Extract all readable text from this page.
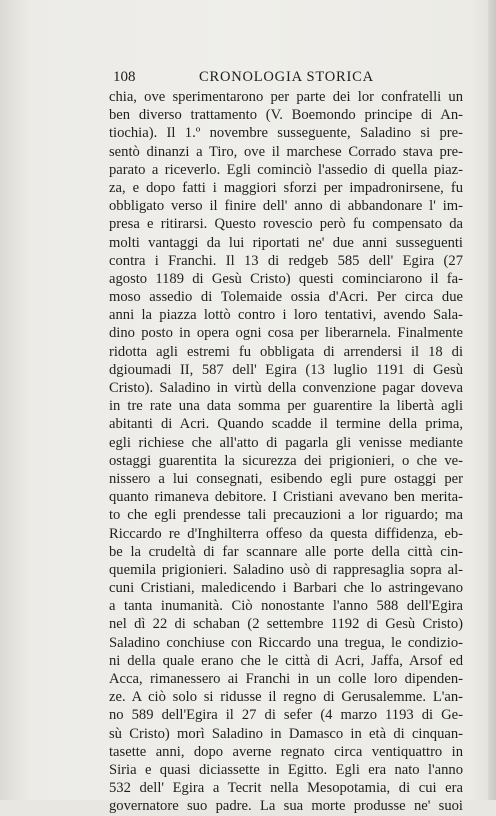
108	CRONOLOGIA STORICA
chia, ove sperimentarono per parte dei lor confratelli un
ben diverso trattamento (V. Boemondo principe di An-
tiochia). Il 1.º novembre susseguente, Saladino si pre-
sentò dinanzi a Tiro, ove il marchese Corrado stava pre-
parato a riceverlo. Egli cominciò l'assedio di quella piaz-
za, e dopo fatti i maggiori sforzi per impadronirsene, fu
obbligato verso il finire dell' anno di abbandonare l' im-
presa e ritirarsi. Questo rovescio però fu compensato da
molti vantaggi da lui riportati ne' due anni susseguenti
contra i Franchi. Il 13 di redgeb 585 dell' Egira (27
agosto 1189 di Gesù Cristo) questi cominciarono il fa-
moso assedio di Tolemaide ossia d'Acri. Per circa due
anni la piazza lottò contro i loro tentativi, avendo Sala-
dino posto in opera ogni cosa per liberarnela. Finalmente
ridotta agli estremi fu obbligata di arrendersi il 18 di
dgioumadi II, 587 dell' Egira (13 luglio 1191 di Gesù
Cristo). Saladino in virtù della convenzione pagar doveva
in tre rate una data somma per guarentire la libertà agli
abitanti di Acri. Quando scadde il termine della prima,
egli richiese che all'atto di pagarla gli venisse mediante
ostaggi guarentita la sicurezza dei prigionieri, o che ve-
nissero a lui consegnati, esibendo egli pure ostaggi per
quanto rimaneva debitore. I Cristiani avevano ben merita-
to che egli prendesse tali precauzioni a lor riguardo; ma
Riccardo re d'Inghilterra offeso da questa diffidenza, eb-
be la crudeltà di far scannare alle porte della città cin-
quemila prigionieri. Saladino usò di rappresaglia sopra al-
cuni Cristiani, maledicendo i Barbari che lo astringevano
a tanta inumanità. Ciò nonostante l'anno 588 dell'Egira
nel dì 22 di schaban (2 settembre 1192 di Gesù Cristo)
Saladino conchiuse con Riccardo una tregua, le condizio-
ni della quale erano che le città di Acri, Jaffa, Arsof ed
Acca, rimanessero ai Franchi in un colle loro dipenden-
ze. A ciò solo si ridusse il regno di Gerusalemme. L'an-
no 589 dell'Egira il 27 di sefer (4 marzo 1193 di Ge-
sù Cristo) morì Saladino in Damasco in età di cinquan-
tasette anni, dopo averne regnato circa ventiquattro in
Siria e quasi diciassette in Egitto. Egli era nato l'anno
532 dell' Egira a Tecrit nella Mesopotamia, di cui era
governatore suo padre. La sua morte produsse ne' suoi
